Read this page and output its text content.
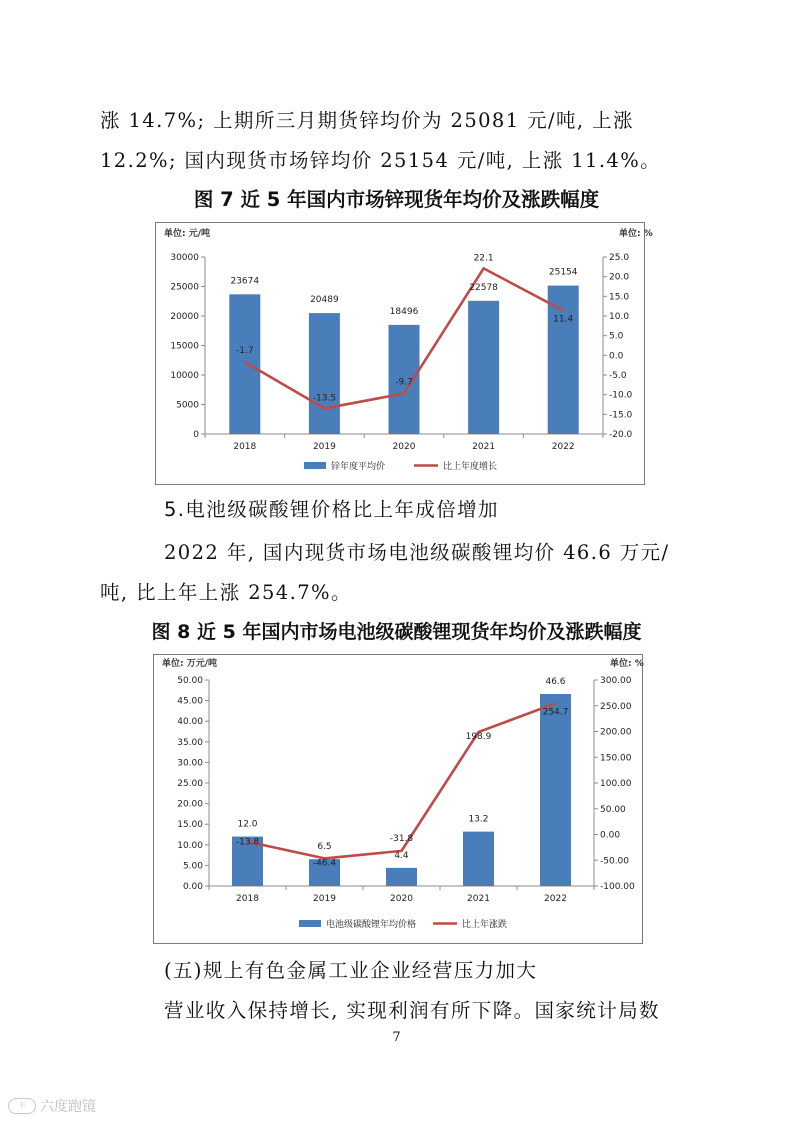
涨 14.7%; 上期所三月期货锌均价为 25081 元/吨, 上涨
12.2%; 国内现货市场锌均价 25154 元/吨, 上涨 11.4%。
图 7 近 5 年国内市场锌现货年均价及涨跌幅度
单位: 元/吨	单位: %
0
5000
10000
15000
20000
25000
30000
-20.0
-15.0
-10.0
-5.0
0.0
5.0
10.0
15.0
20.0
25.0
2018	2019	2020	2021	2022
23674
20489
18496
22578
25154
-1.7
-13.5
-9.7
22.1
11.4
锌年度平均价	比上年度增长
5.电池级碳酸锂价格比上年成倍增加
2022 年, 国内现货市场电池级碳酸锂均价 46.6 万元/
吨, 比上年上涨 254.7%。
图 8 近 5 年国内市场电池级碳酸锂现货年均价及涨跌幅度
单位: 万元/吨	单位: %
0.00
5.00
10.00
15.00
20.00
25.00
30.00
35.00
40.00
45.00
50.00
-100.00
-50.00
0.00
50.00
100.00
150.00
200.00
250.00
300.00
2018	2019	2020	2021	2022
12.0
6.5
4.4
13.2
46.6
-13.8
-46.4
-31.8
198.9
254.7
电池级碳酸锂年均价格	比上年涨跌
(五)规上有色金属工业企业经营压力加大
营业收入保持增长, 实现利润有所下降。国家统计局数
7
卡	六度跑镜
